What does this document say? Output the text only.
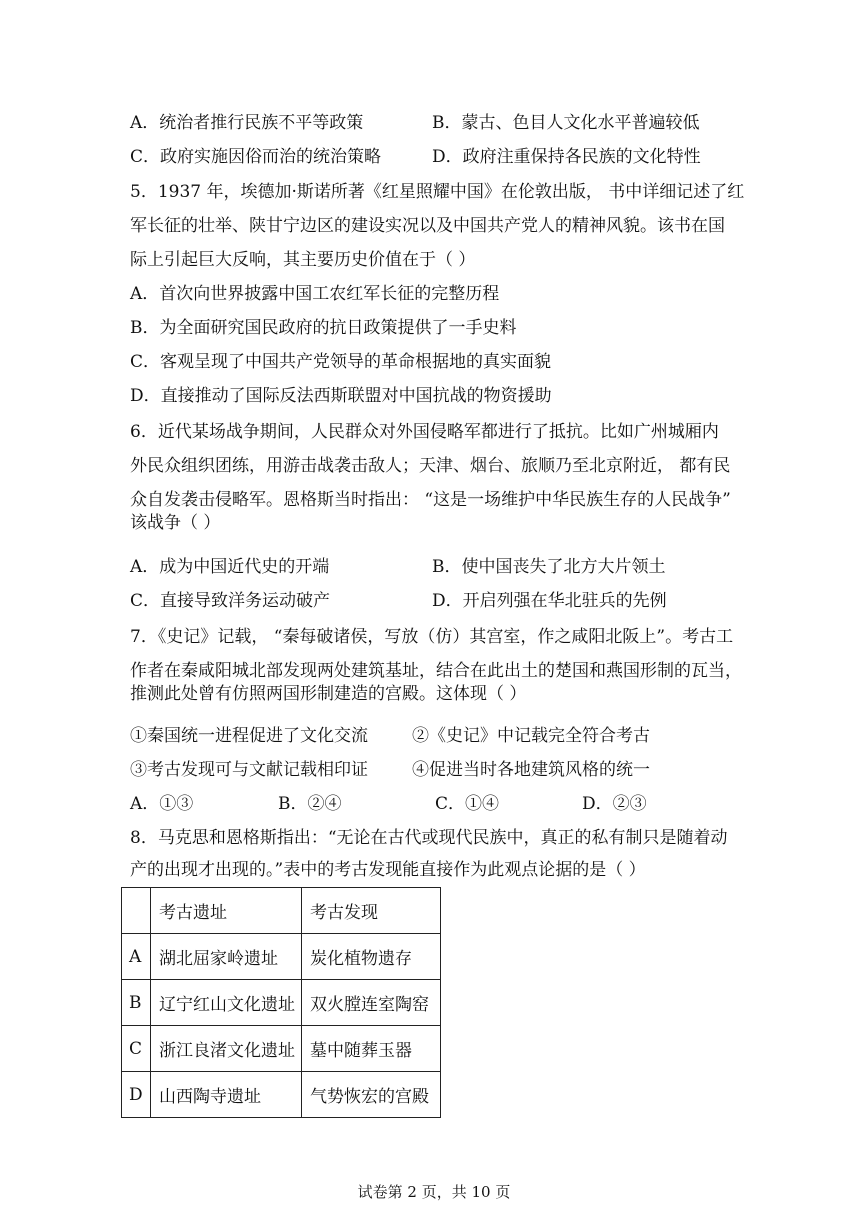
A．统治者推行民族不平等政策	B．蒙古、色目人文化水平普遍较低
C．政府实施因俗而治的统治策略	D．政府注重保持各民族的文化特性
5．1937 年，埃德加·斯诺所著《红星照耀中国》在伦敦出版， 书中详细记述了红
军长征的壮举、陕甘宁边区的建设实况以及中国共产党人的精神风貌。该书在国
际上引起巨大反响，其主要历史价值在于（ ）
A．首次向世界披露中国工农红军长征的完整历程
B．为全面研究国民政府的抗日政策提供了一手史料
C．客观呈现了中国共产党领导的革命根据地的真实面貌
D．直接推动了国际反法西斯联盟对中国抗战的物资援助
6．近代某场战争期间，人民群众对外国侵略军都进行了抵抗。比如广州城厢内
外民众组织团练，用游击战袭击敌人；天津、烟台、旅顺乃至北京附近， 都有民
众自发袭击侵略军。恩格斯当时指出： “这是一场维护中华民族生存的人民战争”
该战争（ ）
A．成为中国近代史的开端	B．使中国丧失了北方大片领土
C．直接导致洋务运动破产	D．开启列强在华北驻兵的先例
7．《史记》记载， “秦每破诸侯，写放（仿）其宫室，作之咸阳北阪上”。考古工
作者在秦咸阳城北部发现两处建筑基址，结合在此出土的楚国和燕国形制的瓦当，
推测此处曾有仿照两国形制建造的宫殿。这体现（ ）
①秦国统一进程促进了文化交流	②《史记》中记载完全符合考古
③考古发现可与文献记载相印证	④促进当时各地建筑风格的统一
A．①③	B．②④	C．①④	D．②③
8．马克思和恩格斯指出：“无论在古代或现代民族中，真正的私有制只是随着动
产的出现才出现的。”表中的考古发现能直接作为此观点论据的是（ ）
	考古遗址	考古发现
A	湖北屈家岭遗址	炭化植物遗存
B	辽宁红山文化遗址	双火膛连室陶窑
C	浙江良渚文化遗址	墓中随葬玉器
D	山西陶寺遗址	气势恢宏的宫殿
试卷第 2 页，共 10 页
